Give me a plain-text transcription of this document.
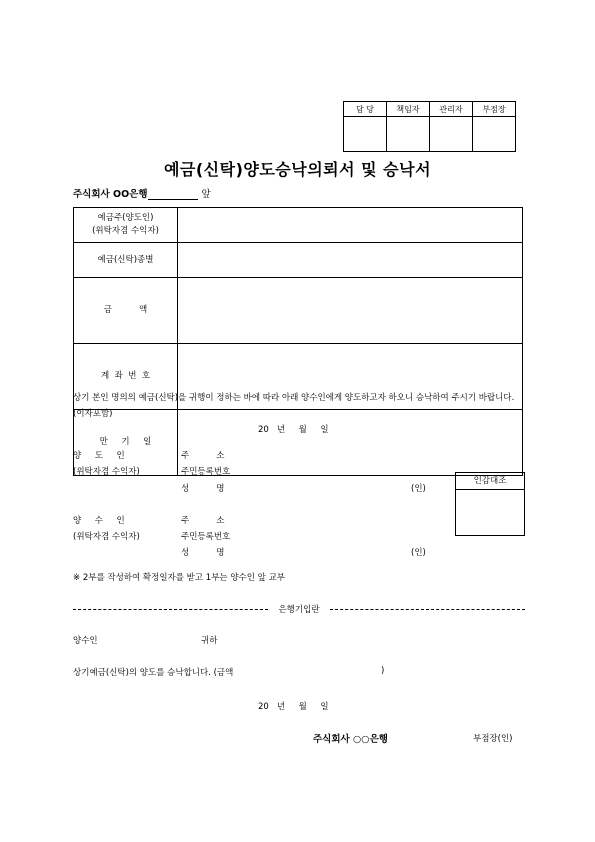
담 당	책임자	관리자	부점장

예금(신탁)양도승낙의뢰서 및 승낙서
주식회사 OO은행	앞
예금주(양도인)
(위탁자겸 수익자)	

예금(신탁)종별	

금          액	

계  좌  번  호	

만     기     일	

상기 본인 명의의 예금(신탁)을 귀행이 정하는 바에 따라 아래 양수인에게 양도하고자 하오니 승낙하여 주시기 바랍니다. (이자포함)
20   년     월     일
양     도     인
(위탁자겸 수익자)
주          소
주민등록번호
성          명	(인)
인감대조
양     수     인
(위탁자겸 수익자)
주          소
주민등록번호
성          명	(인)
※ 2부를 작성하여 확정일자를 받고 1부는 양수인 앞 교부
은행기입란
양수인	귀하
상기예금(신탁)의 양도를 승낙합니다. (금액	)
20   년     월     일
주식회사 ○○은행	부점장(인)
